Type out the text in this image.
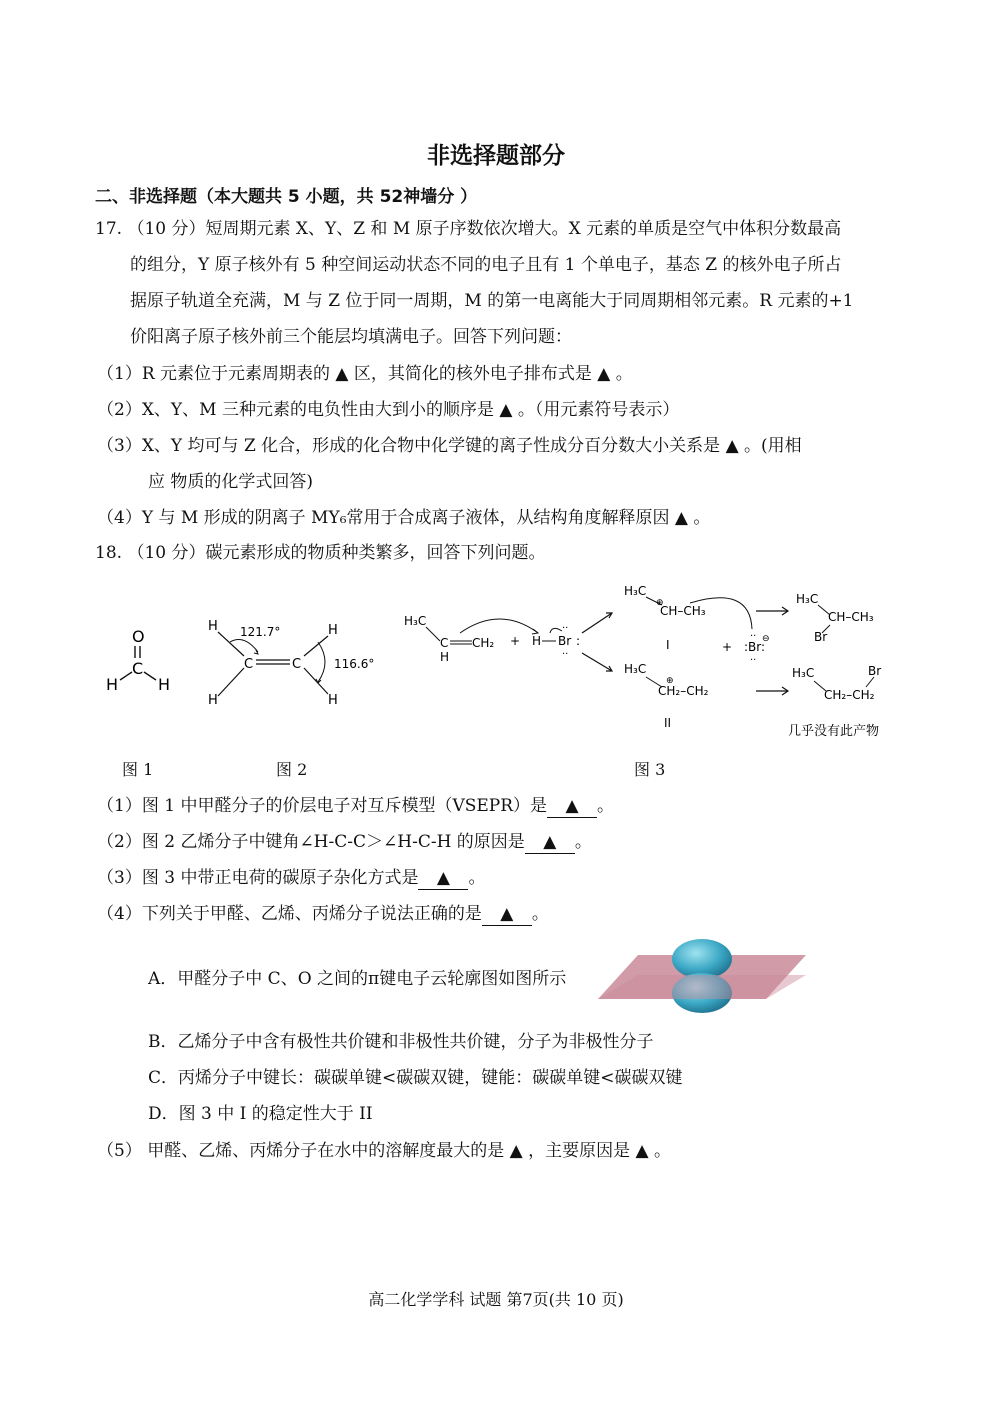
非选择题部分
二、非选择题（本大题共 5 小题，共 52神墙分 ）
17. （10 分）短周期元素 X、Y、Z 和 M 原子序数依次增大。X 元素的单质是空气中体积分数最高
的组分，Y 原子核外有 5 种空间运动状态不同的电子且有 1 个单电子，基态 Z 的核外电子所占
据原子轨道全充满，M 与 Z 位于同一周期，M 的第一电离能大于同周期相邻元素。R 元素的+1
价阳离子原子核外前三个能层均填满电子。回答下列问题：
（1）R 元素位于元素周期表的 ▲ 区，其简化的核外电子排布式是 ▲ 。
（2）X、Y、M 三种元素的电负性由大到小的顺序是 ▲ 。（用元素符号表示）
（3）X、Y 均可与 Z 化合，形成的化合物中化学键的离子性成分百分数大小关系是 ▲ 。(用相
应 物质的化学式回答)
（4）Y 与 M 形成的阴离子 MY₆常用于合成离子液体，从结构角度解释原因 ▲ 。
18. （10 分）碳元素形成的物质种类繁多，回答下列问题。
O
C
H H
H	H
H	H
C	C
121.7°
116.6°
H₃C
C CH₂
H
+ H Br :
··
··
H₃C
⊕
CH–CH₃
I	+ :Br:
··
··
⊖
H₃C
⊕
CH₂–CH₂
II
H₃C
CH–CH₃
Br
H₃C
CH₂–CH₂
Br
几乎没有此产物
图 1	图 2	图 3
（1）图 1 中甲醛分子的价层电子对互斥模型（VSEPR）是 ▲ 。
（2）图 2 乙烯分子中键角∠H-C-C＞∠H-C-H 的原因是 ▲ 。
（3）图 3 中带正电荷的碳原子杂化方式是 ▲ 。
（4）下列关于甲醛、乙烯、丙烯分子说法正确的是 ▲ 。
A．甲醛分子中 C、O 之间的π键电子云轮廓图如图所示
B．乙烯分子中含有极性共价键和非极性共价键，分子为非极性分子
C．丙烯分子中键长：碳碳单键<碳碳双键，键能：碳碳单键<碳碳双键
D．图 3 中 I 的稳定性大于 II
（5） 甲醛、乙烯、丙烯分子在水中的溶解度最大的是 ▲ ，主要原因是 ▲ 。
高二化学学科 试题 第7页(共 10 页)
